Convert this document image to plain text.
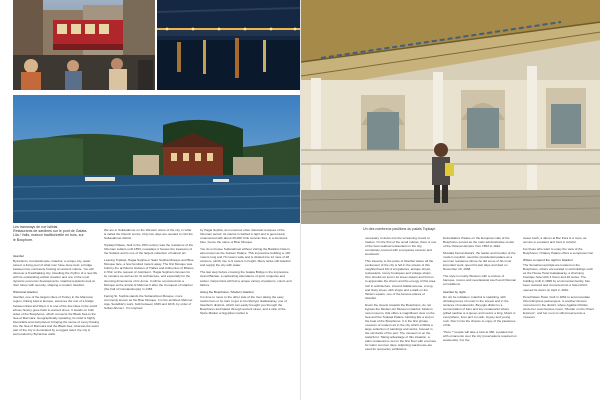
Les tramways de rue Istiklal.
Restaurants de sardines sur le pont de Galata.
Lila / Valis, maison traditionnelle en bois, sur
le Bosphore.
Istanbul

Byzantium, Constantinople, Istanbul, a unique city, water paved, a living pool of what men have done best: a bridge between two continents hosting an ancient culture. You will discover a breathtaking city, travelling the rhythm of a new life with its outstanding artistic creation and one of the most dynamic economic developments. Istanbul residents look at their future with serenity, shaping a modern Istanbul.

Historical Istanbul

Istanbul, one of the largest cities of Turkey in the Marmara region, linking Asia to Europe, assumes the role of a bridge between East and West. It is one of the few cities in the world whose history goes back to ancient times. It stands on both sides of the Bosphorus, which connects the Black Sea to the Sea of Marmara. Geographically speaking, its relief is highly favourable and well placed, bringing the sense of every flowing into the Sea of Marmara and the Black Sea, whereas the lower part of the city is dominated by a rugged relief, the city is surrounded by Byzantine walls.

We are in Sultanahmet on the Western shore of the city, in what is called the historic centre. Only two days are needed to visit the Sultanahmet district.

Topkapi Palace, built in the 15th century was the residence of the Ottoman sultans until 1853, nowadays it houses the treasures of the Sultans and is one of the largest collection of Islamic art.

Leaving Topkapi, Hagia Sophia or Saint Sophia Mosque and Blue Mosque face, a few hundred meters away. The first Mosque was built by the architects Isidorus of Tralles and Anthemius of Miletus in 532, at the request of Justinian I. Hagia Sophia is famous for its mosaics as well as for its architecture, and especially for the stunning dimensions of its dome. It will be converted into a Mosque at the arrival of Mehmet II after the Conquest of Istanbul (the Fall of Constantinople) in 1453.

Facing St. Sophia stands the Sultanahmet Mosque, more commonly known as the Blue Mosque. It is the architect Mehmet Aga, Sedefkâr's work, built between 1609 and 1616, by order of Sultan Ahmet I. It is inspired

by Hagia Sophia, as numerous other classical mosques of the Ottoman period. Its interior is bathed in light and is generously ornamented with about 20,000 Iznik ceramic tiles, in a dominant blue, hence the name of Blue Mosque.

You do not leave Sultanahmet without visiting the Basilica Cistern, also known as the Sunken Palace. This impressive building is 140 meters long and 70 meters wide and is divided into 12 rows of 28 columns, which rise to 9 meters in height. Many tanks still Istanbul and supply the city with water.

The last step before crossing the Galata Bridge is the impressive Grand Bazaar, a captivating abundance of gold, turquoise and amber. Carpet fans will find a unique variety of patterns, colors and fabrics.

Along the Bosphorus / Modern Istanbul

It is time to move to the other side of the river taking the easy tourist tram or by tram to get to Cumhuriyet Galatasaray, one of Istanbul's districts, which can easily brought you through the Bosphorus and baked through ancient street, and a strip of the Spice Market or Egyptian market is

Un des nombreux pavillons du palais Topkapi.

necessary to delve into the screaming crowd of traders. On the first of the small market, there is one of the best seafood restaurants in the city, completely covered with a turquoise ceramic and woodwork.

This traverse to the pulse of Istanbul where all the excitement of the city is felt in the streets of this neighborhood full of art galleries, antique shops, restaurants, luxury boutiques and vintage shops. One should not lost in its street streets and find us to appreciate the charm and the energy of this area, rich in architecture. Around Istiklal avenue, a long and lively street, with shops and a walk on the Taksim square, one of the famous places of Istanbul.

Down the streets towards the Bosphorus, do not bypass the Modern Art Museum Istanbul. Modern new museum, that offers a magnificent view on the Sea and the Topkapi Palace. Nothing like a stop in the boat of the Bosphorus. It is the first private museum of modern art in the city which exhibits a large collection of paintings and works, housed in the old docks of the port. The museum is on the waterfront. Taking advantage of this situation, a palm restaurant is set on the first floor with a terrace for warm summer days. Adjoining warehouse are used for temporary exhibitions.

Dolmabahce Palace on the European side of the Bosphorus served as the main administrative center of the Ottoman Empire from 1853 to 1922.

Mustafa Kemal Ataturk, the leader and founder of the modern republic, used the presidential palace as a summer residence where he did some of his most important work, spent his last days and died on November 10, 1938.

The style is mostly Western with a mixture of baroque, rococo and neoclassical touch and Ottoman art traditions.

Istanbul by night

Do not be mistaken, Istanbul is sparkling, with vibrating tunes of music in the streets and in the terraces of restaurants. Beyoglu district is a concentration of bars and tiny restaurants where grilled sardine is a queen and mezze a king. Music is everywhere, from jazz to Latin, Gypsy and young rock. Don't miss the chance to enjoy of the pleasures of life.

"Here !" people will take a look at 360, a palace bar with ornaments over the city (reservations required on weekends). For the

sweet tooth, a dinner at Bar Pera is a must, as service is excellent and food is colorful.

For those who want to enjoy the view of the Bosphorus, Ortakoy Palace offers a sumptuous bar.

Where to spend the night in Istanbul

The Sumahan and Ajia are located on the Bosphorus, others are located in old buildings such as the House Hotel Galatasaray, a charming boutique hotel with 4 floors and 20 suites. The building, built in 1890 by an Armenian family, has been restored and converted into a hotel which opened its doors on April 2, 2010.

Pera Palace Hotel, built in 1892 to accommodate Orient Express passengers, is another famous monument in the district, where Agatha Christie wrote her most famous novel, "Murder on the Orient Express", and her room is still preserved as a museum.
